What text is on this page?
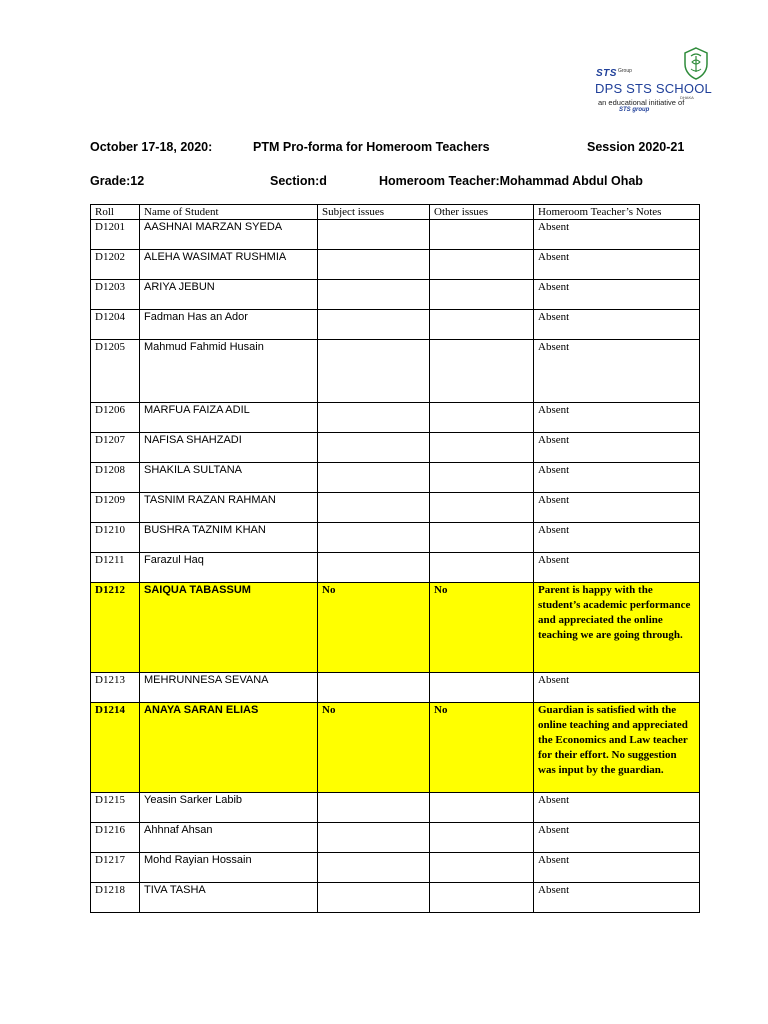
STS Group
DPS STS SCHOOL
DHAKA
an educational initiative of
STS group
October 17-18, 2020:	PTM Pro-forma for Homeroom Teachers	Session 2020-21
Grade:12	Section:d	Homeroom Teacher:Mohammad Abdul Ohab
Roll	Name of Student	Subject issues	Other issues	Homeroom Teacher’s Notes
D1201	AASHNAI MARZAN SYEDA			Absent
D1202	ALEHA WASIMAT RUSHMIA			Absent
D1203	ARIYA JEBUN			Absent
D1204	Fadman Has an Ador			Absent
D1205	Mahmud Fahmid Husain			Absent
D1206	MARFUA FAIZA ADIL			Absent
D1207	NAFISA SHAHZADI			Absent
D1208	SHAKILA SULTANA			Absent
D1209	TASNIM RAZAN RAHMAN			Absent
D1210	BUSHRA TAZNIM KHAN			Absent
D1211	Farazul Haq			Absent
D1212	SAIQUA TABASSUM	No	No	Parent is happy with the student’s academic performance and appreciated the online teaching we are going through.
D1213	MEHRUNNESA SEVANA			Absent
D1214	ANAYA SARAN ELIAS	No	No	Guardian is satisfied with the online teaching and appreciated the Economics and Law teacher for their effort. No suggestion was input by the guardian.
D1215	Yeasin Sarker Labib			Absent
D1216	Ahhnaf Ahsan			Absent
D1217	Mohd Rayian Hossain			Absent
D1218	TIVA TASHA			Absent
